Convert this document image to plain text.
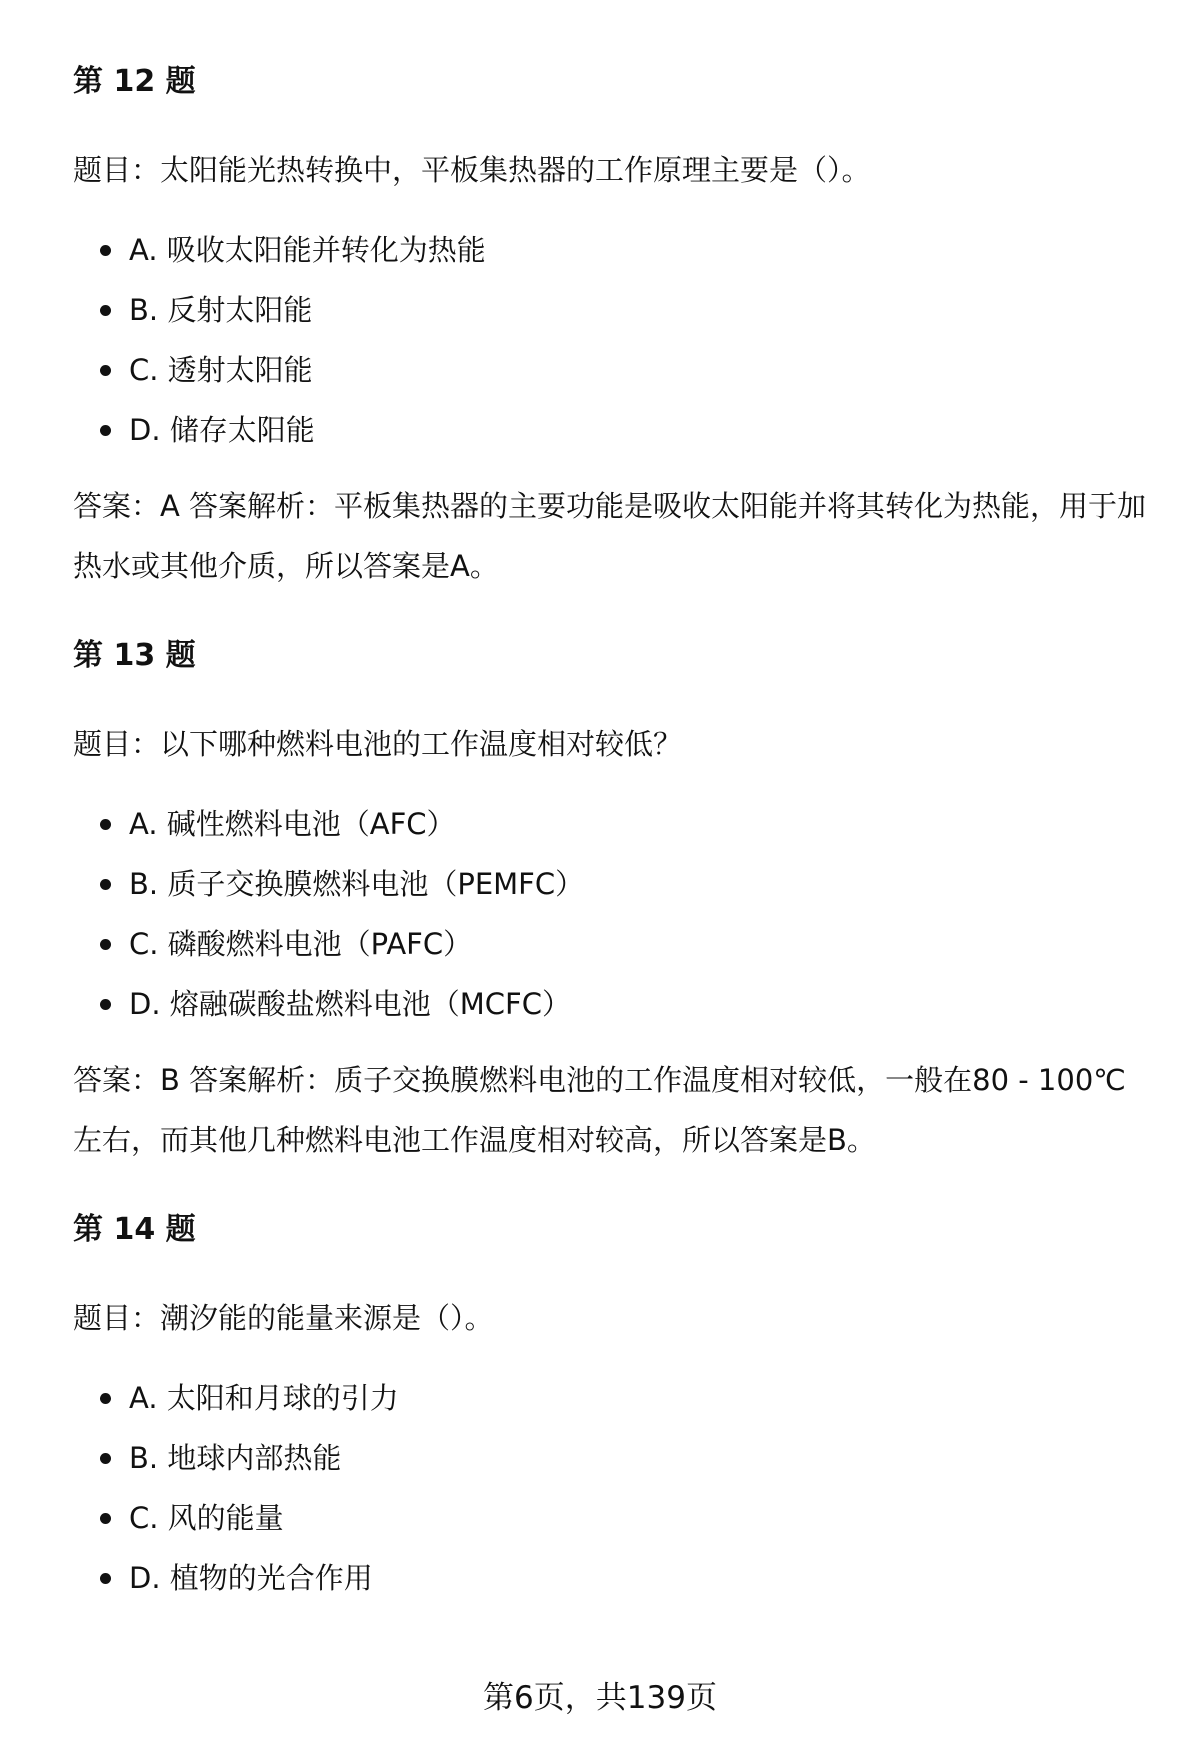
第 12 题

题目：太阳能光热转换中，平板集热器的工作原理主要是（）。

A. 吸收太阳能并转化为热能
B. 反射太阳能
C. 透射太阳能
D. 储存太阳能

答案：A 答案解析：平板集热器的主要功能是吸收太阳能并将其转化为热能，用于加热水或其他介质，所以答案是A。

第 13 题

题目：以下哪种燃料电池的工作温度相对较低？

A. 碱性燃料电池（AFC）
B. 质子交换膜燃料电池（PEMFC）
C. 磷酸燃料电池（PAFC）
D. 熔融碳酸盐燃料电池（MCFC）

答案：B 答案解析：质子交换膜燃料电池的工作温度相对较低，一般在80 - 100℃左右，而其他几种燃料电池工作温度相对较高，所以答案是B。

第 14 题

题目：潮汐能的能量来源是（）。

A. 太阳和月球的引力
B. 地球内部热能
C. 风的能量
D. 植物的光合作用
第6页，共139页
